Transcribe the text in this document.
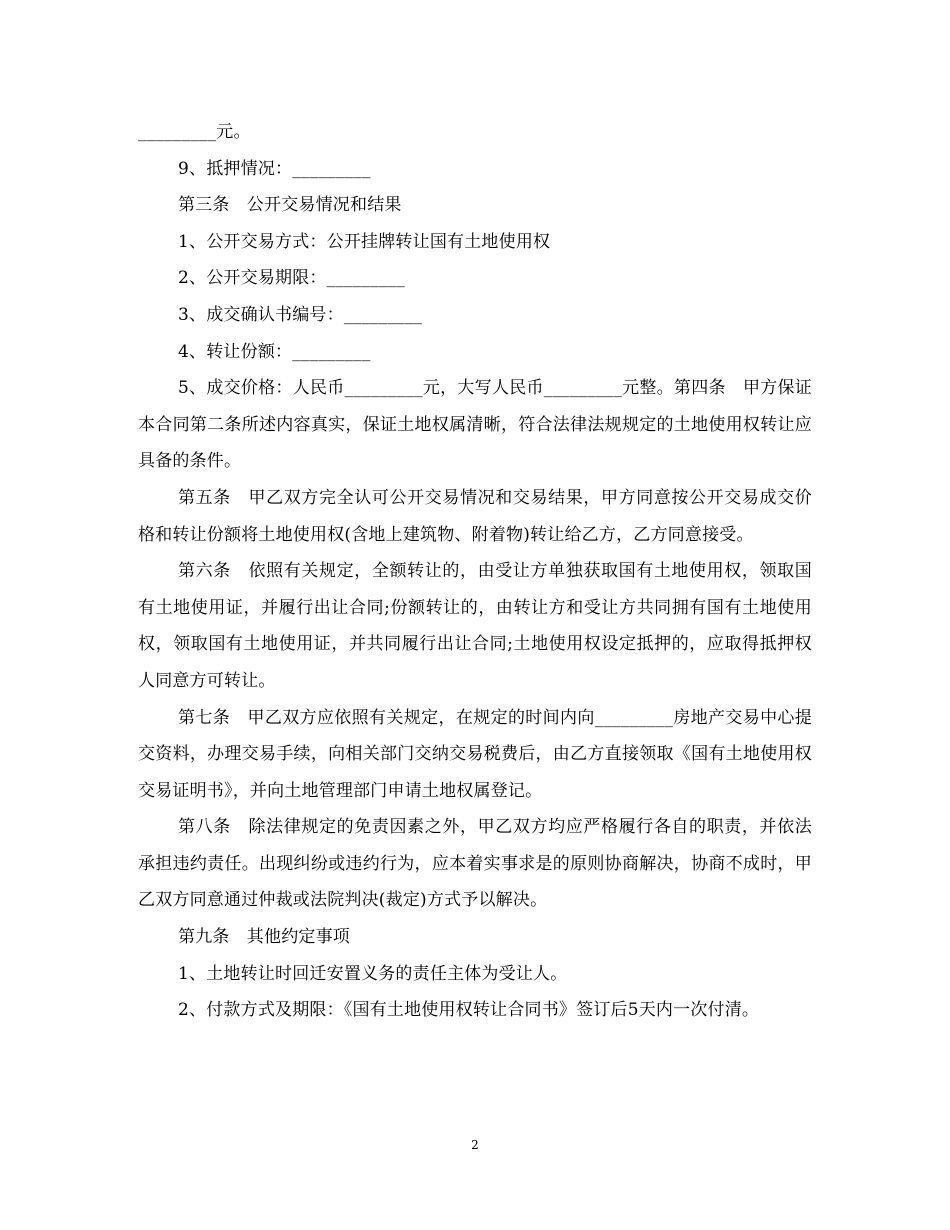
_________元。

9、抵押情况：_________

第三条　公开交易情况和结果

1、公开交易方式：公开挂牌转让国有土地使用权

2、公开交易期限：_________

3、成交确认书编号：_________

4、转让份额：_________

5、成交价格：人民币_________元，大写人民币_________元整。第四条　甲方保证本合同第二条所述内容真实，保证土地权属清晰，符合法律法规规定的土地使用权转让应具备的条件。

第五条　甲乙双方完全认可公开交易情况和交易结果，甲方同意按公开交易成交价格和转让份额将土地使用权(含地上建筑物、附着物)转让给乙方，乙方同意接受。

第六条　依照有关规定，全额转让的，由受让方单独获取国有土地使用权，领取国有土地使用证，并履行出让合同;份额转让的，由转让方和受让方共同拥有国有土地使用权，领取国有土地使用证，并共同履行出让合同;土地使用权设定抵押的，应取得抵押权人同意方可转让。

第七条　甲乙双方应依照有关规定，在规定的时间内向_________房地产交易中心提交资料，办理交易手续，向相关部门交纳交易税费后，由乙方直接领取《国有土地使用权交易证明书》，并向土地管理部门申请土地权属登记。

第八条　除法律规定的免责因素之外，甲乙双方均应严格履行各自的职责，并依法承担违约责任。出现纠纷或违约行为，应本着实事求是的原则协商解决，协商不成时，甲乙双方同意通过仲裁或法院判决(裁定)方式予以解决。

第九条　其他约定事项

1、土地转让时回迁安置义务的责任主体为受让人。

2、付款方式及期限：《国有土地使用权转让合同书》签订后5天内一次付清。

2
